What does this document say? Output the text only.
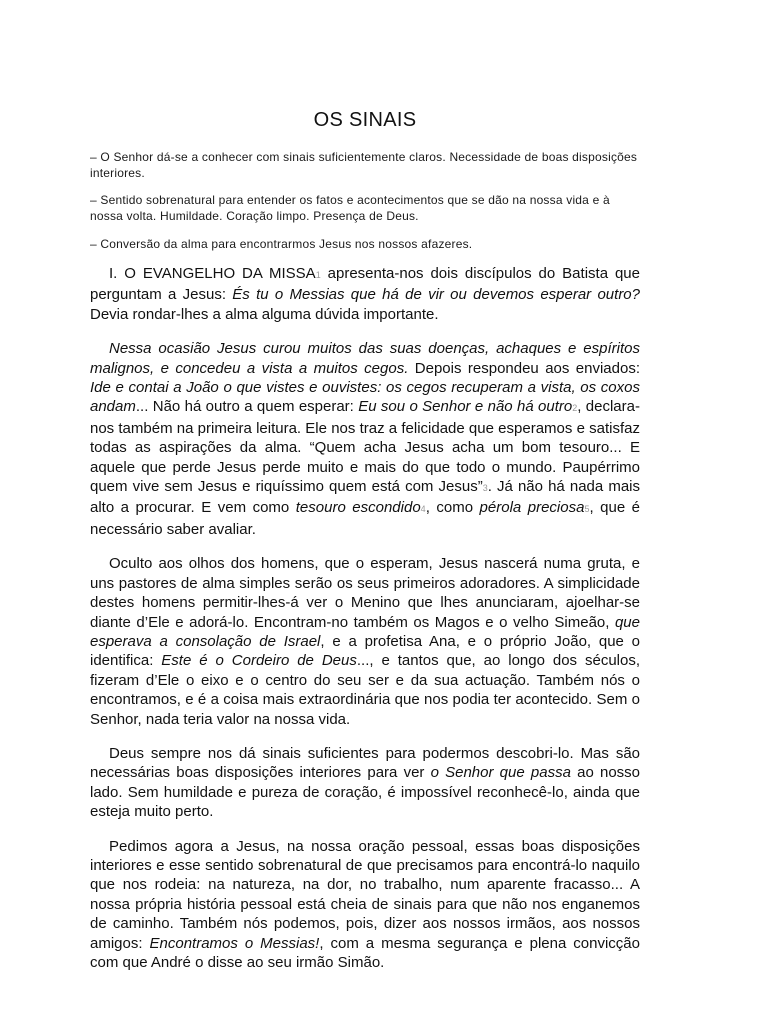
OS SINAIS
– O Senhor dá-se a conhecer com sinais suficientemente claros. Necessidade de boas disposições interiores.
– Sentido sobrenatural para entender os fatos e acontecimentos que se dão na nossa vida e à nossa volta. Humildade. Coração limpo. Presença de Deus.
– Conversão da alma para encontrarmos Jesus nos nossos afazeres.

I. O EVANGELHO DA MISSA1 apresenta-nos dois discípulos do Batista que perguntam a Jesus: És tu o Messias que há de vir ou devemos esperar outro? Devia rondar-lhes a alma alguma dúvida importante.

Nessa ocasião Jesus curou muitos das suas doenças, achaques e espíritos malignos, e concedeu a vista a muitos cegos. Depois respondeu aos enviados: Ide e contai a João o que vistes e ouvistes: os cegos recuperam a vista, os coxos andam... Não há outro a quem esperar: Eu sou o Senhor e não há outro2, declara-nos também na primeira leitura. Ele nos traz a felicidade que esperamos e satisfaz todas as aspirações da alma. “Quem acha Jesus acha um bom tesouro... E aquele que perde Jesus perde muito e mais do que todo o mundo. Paupérrimo quem vive sem Jesus e riquíssimo quem está com Jesus”3. Já não há nada mais alto a procurar. E vem como tesouro escondido4, como pérola preciosa5, que é necessário saber avaliar.

Oculto aos olhos dos homens, que o esperam, Jesus nascerá numa gruta, e uns pastores de alma simples serão os seus primeiros adoradores. A simplicidade destes homens permitir-lhes-á ver o Menino que lhes anunciaram, ajoelhar-se diante d’Ele e adorá-lo. Encontram-no também os Magos e o velho Simeão, que esperava a consolação de Israel, e a profetisa Ana, e o próprio João, que o identifica: Este é o Cordeiro de Deus..., e tantos que, ao longo dos séculos, fizeram d’Ele o eixo e o centro do seu ser e da sua actuação. Também nós o encontramos, e é a coisa mais extraordinária que nos podia ter acontecido. Sem o Senhor, nada teria valor na nossa vida.

Deus sempre nos dá sinais suficientes para podermos descobri-lo. Mas são necessárias boas disposições interiores para ver o Senhor que passa ao nosso lado. Sem humildade e pureza de coração, é impossível reconhecê-lo, ainda que esteja muito perto.

Pedimos agora a Jesus, na nossa oração pessoal, essas boas disposições interiores e esse sentido sobrenatural de que precisamos para encontrá-lo naquilo que nos rodeia: na natureza, na dor, no trabalho, num aparente fracasso... A nossa própria história pessoal está cheia de sinais para que não nos enganemos de caminho. Também nós podemos, pois, dizer aos nossos irmãos, aos nossos amigos: Encontramos o Messias!, com a mesma segurança e plena convicção com que André o disse ao seu irmão Simão.
